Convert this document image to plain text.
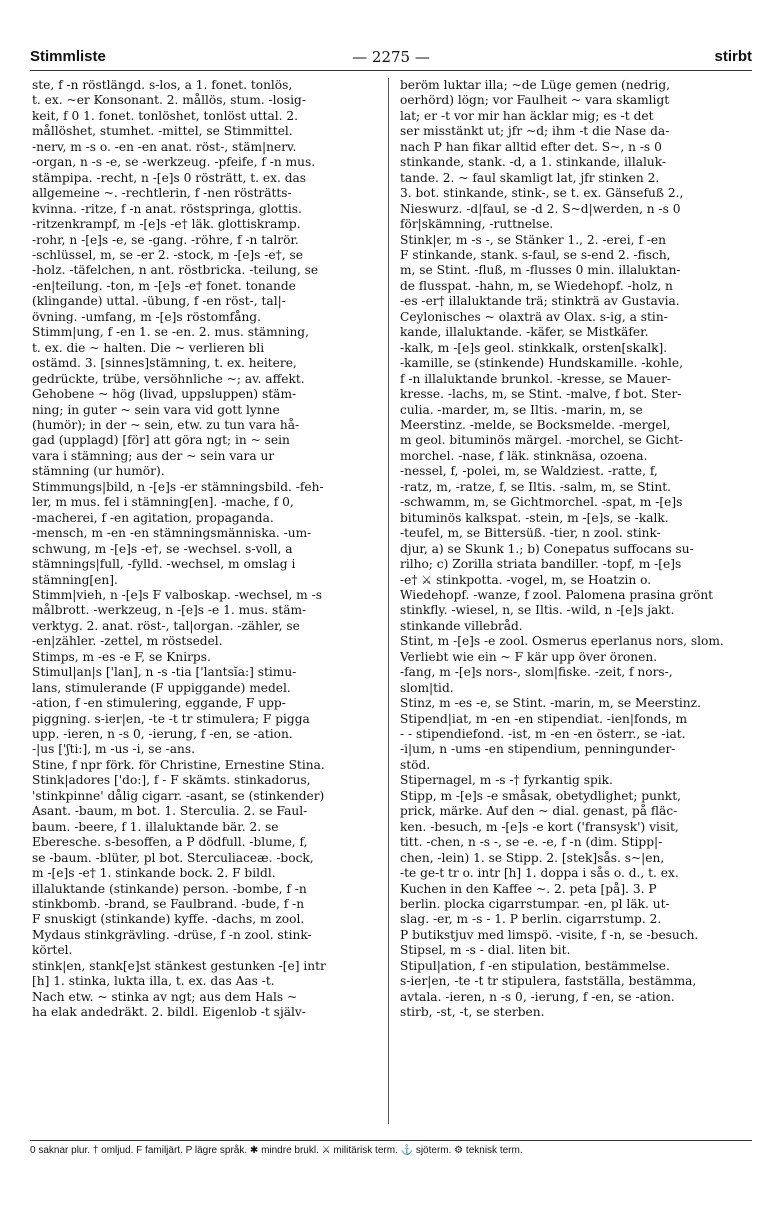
Stimmliste	— 2275 —	stirbt
ste, f -n röstlängd. s-los, a 1. fonet. tonlös,
t. ex. ~er Konsonant. 2. mållös, stum. -losig-
keit, f 0 1. fonet. tonlöshet, tonlöst uttal. 2.
mållöshet, stumhet. -mittel, se Stimmittel.
-nerv, m -s o. -en -en anat. röst-, stäm|nerv.
-organ, n -s -e, se -werkzeug. -pfeife, f -n mus.
stämpipa. -recht, n -[e]s 0 rösträtt, t. ex. das
allgemeine ~. -rechtlerin, f -nen rösträtts-
kvinna. -ritze, f -n anat. röstspringa, glottis.
-ritzenkrampf, m -[e]s -e† läk. glottiskramp.
-rohr, n -[e]s -e, se -gang. -röhre, f -n talrör.
-schlüssel, m, se -er 2. -stock, m -[e]s -e†, se
-holz. -täfelchen, n ant. röstbricka. -teilung, se
-en|teilung. -ton, m -[e]s -e† fonet. tonande
(klingande) uttal. -übung, f -en röst-, tal|-
övning. -umfang, m -[e]s röstomfång.
Stimm|ung, f -en 1. se -en. 2. mus. stämning,
t. ex. die ~ halten. Die ~ verlieren bli
ostämd. 3. [sinnes]stämning, t. ex. heitere,
gedrückte, trübe, versöhnliche ~; av. affekt.
Gehobene ~ hög (livad, uppsluppen) stäm-
ning; in guter ~ sein vara vid gott lynne
(humör); in der ~ sein, etw. zu tun vara hå-
gad (upplagd) [för] att göra ngt; in ~ sein
vara i stämning; aus der ~ sein vara ur
stämning (ur humör).
Stimmungs|bild, n -[e]s -er stämningsbild. -feh-
ler, m mus. fel i stämning[en]. -mache, f 0,
-macherei, f -en agitation, propaganda.
-mensch, m -en -en stämningsmänniska. -um-
schwung, m -[e]s -e†, se -wechsel. s-voll, a
stämnings|full, -fylld. -wechsel, m omslag i
stämning[en].
Stimm|vieh, n -[e]s F valboskap. -wechsel, m -s
målbrott. -werkzeug, n -[e]s -e 1. mus. stäm-
verktyg. 2. anat. röst-, tal|organ. -zähler, se
-en|zähler. -zettel, m röstsedel.
Stimps, m -es -e F, se Knirps.
Stimul|an|s ['lan], n -s -tia ['lantsĭa:] stimu-
lans, stimulerande (F uppiggande) medel.
-ation, f -en stimulering, eggande, F upp-
piggning. s-ier|en, -te -t tr stimulera; F pigga
upp. -ieren, n -s 0, -ierung, f -en, se -ation.
-|us ['ʃti:], m -us -i, se -ans.
Stine, f npr förk. för Christine, Ernestine Stina.
Stink|adores ['do:], f - F skämts. stinkadorus,
'stinkpinne' dålig cigarr. -asant, se (stinkender)
Asant. -baum, m bot. 1. Sterculia. 2. se Faul-
baum. -beere, f 1. illaluktande bär. 2. se
Eberesche. s-besoffen, a P dödfull. -blume, f,
se -baum. -blüter, pl bot. Sterculiaceæ. -bock,
m -[e]s -e† 1. stinkande bock. 2. F bildl.
illaluktande (stinkande) person. -bombe, f -n
stinkbomb. -brand, se Faulbrand. -bude, f -n
F snuskigt (stinkande) kyffe. -dachs, m zool.
Mydaus stinkgrävling. -drüse, f -n zool. stink-
körtel.
stink|en, stank[e]st stänkest gestunken -[e] intr
[h] 1. stinka, lukta illa, t. ex. das Aas -t.
Nach etw. ~ stinka av ngt; aus dem Hals ~
ha elak andedräkt. 2. bildl. Eigenlob -t själv-
beröm luktar illa; ~de Lüge gemen (nedrig,
oerhörd) lögn; vor Faulheit ~ vara skamligt
lat; er -t vor mir han äcklar mig; es -t det
ser misstänkt ut; jfr ~d; ihm -t die Nase da-
nach P han fikar alltid efter det. S~, n -s 0
stinkande, stank. -d, a 1. stinkande, illaluk-
tande. 2. ~ faul skamligt lat, jfr stinken 2.
3. bot. stinkande, stink-, se t. ex. Gänsefuß 2.,
Nieswurz. -d|faul, se -d 2. S~d|werden, n -s 0
för|skämning, -ruttnelse.
Stink|er, m -s -, se Stänker 1., 2. -erei, f -en
F stinkande, stank. s-faul, se s-end 2. -fisch,
m, se Stint. -fluß, m -flusses 0 min. illaluktan-
de flusspat. -hahn, m, se Wiedehopf. -holz, n
-es -er† illaluktande trä; stinkträ av Gustavia.
Ceylonisches ~ olaxträ av Olax. s-ig, a stin-
kande, illaluktande. -käfer, se Mistkäfer.
-kalk, m -[e]s geol. stinkkalk, orsten[skalk].
-kamille, se (stinkende) Hundskamille. -kohle,
f -n illaluktande brunkol. -kresse, se Mauer-
kresse. -lachs, m, se Stint. -malve, f bot. Ster-
culia. -marder, m, se Iltis. -marin, m, se
Meerstinz. -melde, se Bocksmelde. -mergel,
m geol. bituminös märgel. -morchel, se Gicht-
morchel. -nase, f läk. stinknäsa, ozoena.
-nessel, f, -polei, m, se Waldziest. -ratte, f,
-ratz, m, -ratze, f, se Iltis. -salm, m, se Stint.
-schwamm, m, se Gichtmorchel. -spat, m -[e]s
bituminös kalkspat. -stein, m -[e]s, se -kalk.
-teufel, m, se Bittersüß. -tier, n zool. stink-
djur, a) se Skunk 1.; b) Conepatus suffocans su-
rilho; c) Zorilla striata bandiller. -topf, m -[e]s
-e† ⚔ stinkpotta. -vogel, m, se Hoatzin o.
Wiedehopf. -wanze, f zool. Palomena prasina grönt
stinkfly. -wiesel, n, se Iltis. -wild, n -[e]s jakt.
stinkande villebråd.
Stint, m -[e]s -e zool. Osmerus eperlanus nors, slom.
Verliebt wie ein ~ F kär upp över öronen.
-fang, m -[e]s nors-, slom|fiske. -zeit, f nors-,
slom|tid.
Stinz, m -es -e, se Stint. -marin, m, se Meerstinz.
Stipend|iat, m -en -en stipendiat. -ien|fonds, m
- - stipendiefond. -ist, m -en -en österr., se -iat.
-i|um, n -ums -en stipendium, penningunder-
stöd.
Stipernagel, m -s -† fyrkantig spik.
Stipp, m -[e]s -e småsak, obetydlighet; punkt,
prick, märke. Auf den ~ dial. genast, på fläc-
ken. -besuch, m -[e]s -e kort ('fransysk') visit,
titt. -chen, n -s -, se -e. -e, f -n (dim. Stipp|-
chen, -lein) 1. se Stipp. 2. [stek]sås. s~|en,
-te ge-t tr o. intr [h] 1. doppa i sås o. d., t. ex.
Kuchen in den Kaffee ~. 2. peta [på]. 3. P
berlin. plocka cigarrstumpar. -en, pl läk. ut-
slag. -er, m -s - 1. P berlin. cigarrstump. 2.
P butikstjuv med limspö. -visite, f -n, se -besuch.
Stipsel, m -s - dial. liten bit.
Stipul|ation, f -en stipulation, bestämmelse.
s-ier|en, -te -t tr stipulera, fastställa, bestämma,
avtala. -ieren, n -s 0, -ierung, f -en, se -ation.
stirb, -st, -t, se sterben.
0 saknar plur. † omljud. F familjärt. P lägre språk. ✱ mindre brukl. ⚔ militärisk term. ⚓ sjöterm. ⚙ teknisk term.
